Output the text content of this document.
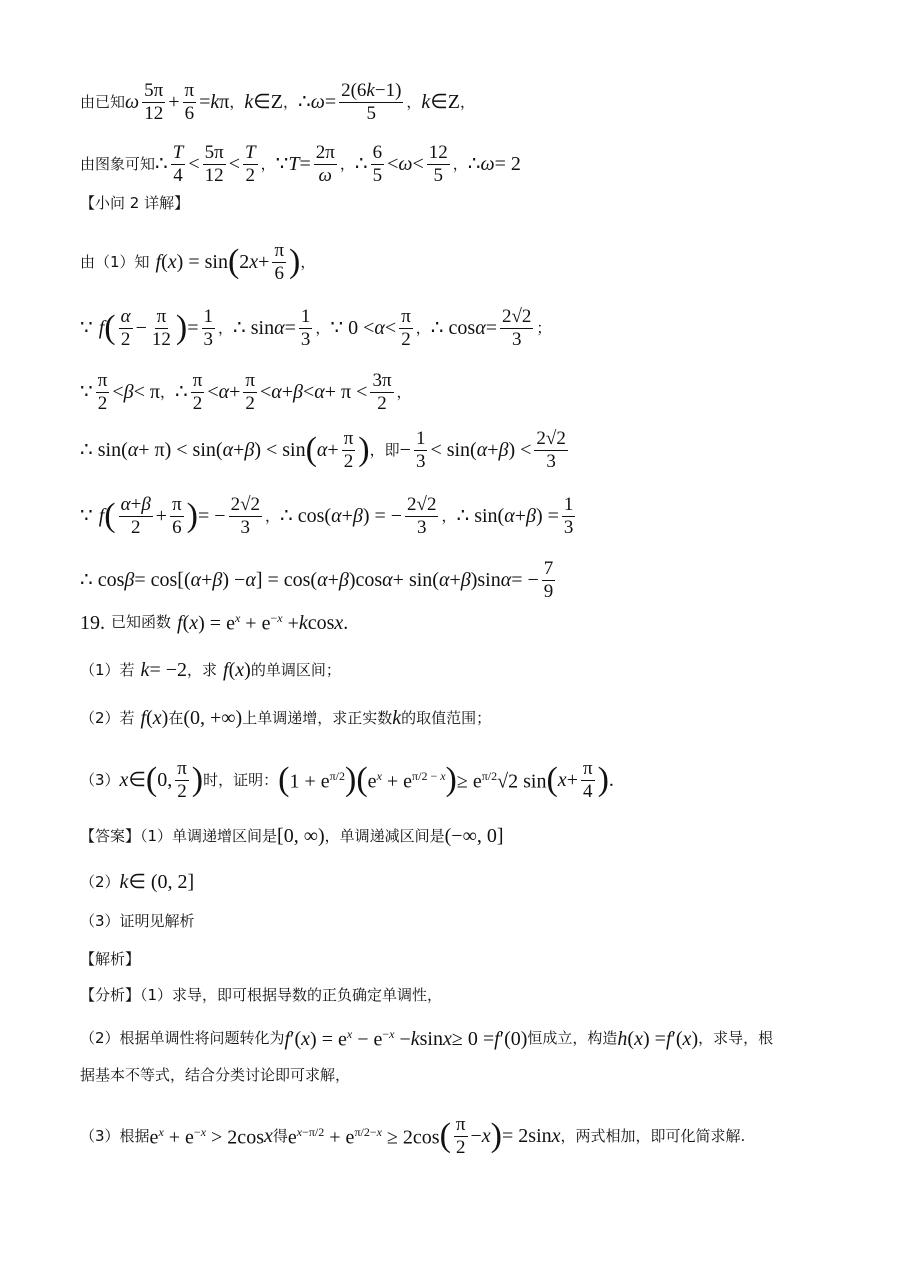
由已知 ω $\frac{5\pi}{12} + \frac{\pi}{6} = k$ π ， k ∈Z ， ∴ $\omega = \frac{2(6k-1)}{5}$ ， k ∈Z ，
由图象可知 ∴ $\frac{T}{4} < \frac{5\pi}{12} < \frac{T}{2}$ ， ∵ $T = \frac{2\pi}{\omega}$ ， ∴ $\frac{6}{5} < \omega < \frac{12}{5}$ ， ∴ ω = 2
【小问 2 详解】
由（1）知 f ( x ) = sin ( 2 $x + \frac{\pi}{6}$ ) ，
∵ f ( $\frac{\alpha}{2} - \frac{\pi}{12}$ ) = $\frac{1}{3}$ ， ∴ $\sin \alpha = \frac{1}{3}$ ， ∵ $0 < \alpha < \frac{\pi}{2}$ ， ∴ $\cos \alpha = \frac{2√2}{3}$ ；
∵ $\frac{\pi}{2} < \beta < \pi$ ， ∴ $\frac{\pi}{2} < \alpha + \frac{\pi}{2} < \alpha + \beta < \alpha + \pi < \frac{3\pi}{2}$ ，
∴ sin( α + π) < sin( α + β ) < sin ( $\alpha + \frac{\pi}{2}$ ) ， 即 − $\frac{1}{3} < \sin$( α + β ) < $\frac{2√2}{3}$
∵ f ( $\frac{\alpha+\beta}{2} + \frac{\pi}{6}$ ) = − $\frac{2√2}{3}$ ， ∴ cos( α + β ) = − $\frac{2√2}{3}$ ， ∴ sin( α + β ) = $\frac{1}{3}$
∴ cos β = cos[( α + β ) − α ] = cos( α + β )cos α + sin( α + β )sin α = − $\frac{7}{9}$
19. 已知函数 f ( x ) = $e^x + e^{-x} + k$ cos x .
（1）若 k = −2 ，求 f ( x ) 的单调区间；
（2）若 f ( x ) 在 (0, +∞) 上单调递增，求正实数 k 的取值范围；
（3） x ∈ ( 0, $\frac{\pi}{2}$ ) 时，证明： ( $1 + e^{\pi/2}$ )( $e^x + e^{\pi/2 - x}$ ) ≥ $e^{\pi/2}√2$ sin ( $x + \frac{\pi}{4}$ ) .
【答案】（1）单调递增区间是 [0, ∞) ，单调递减区间是 (−∞, 0]
（2） k ∈ (0, 2]
（3）证明见解析
【解析】
【分析】（1）求导，即可根据导数的正负确定单调性，
（2）根据单调性将问题转化为 f ′( x ) = $e^x - e^{-x} - k$ sin x ≥ 0 = f ′(0) 恒成立，构造 h ( x ) = f ′( x ) ，求导，根
据基本不等式，结合分类讨论即可求解，
（3）根据 $e^x + e^{-x} > 2\cos$ x 得 $e^{x-\pi/2} + e^{\pi/2-x} \ge 2\cos$ ( $\frac{\pi}{2} - x$ ) = 2sin x ，两式相加，即可化简求解.
